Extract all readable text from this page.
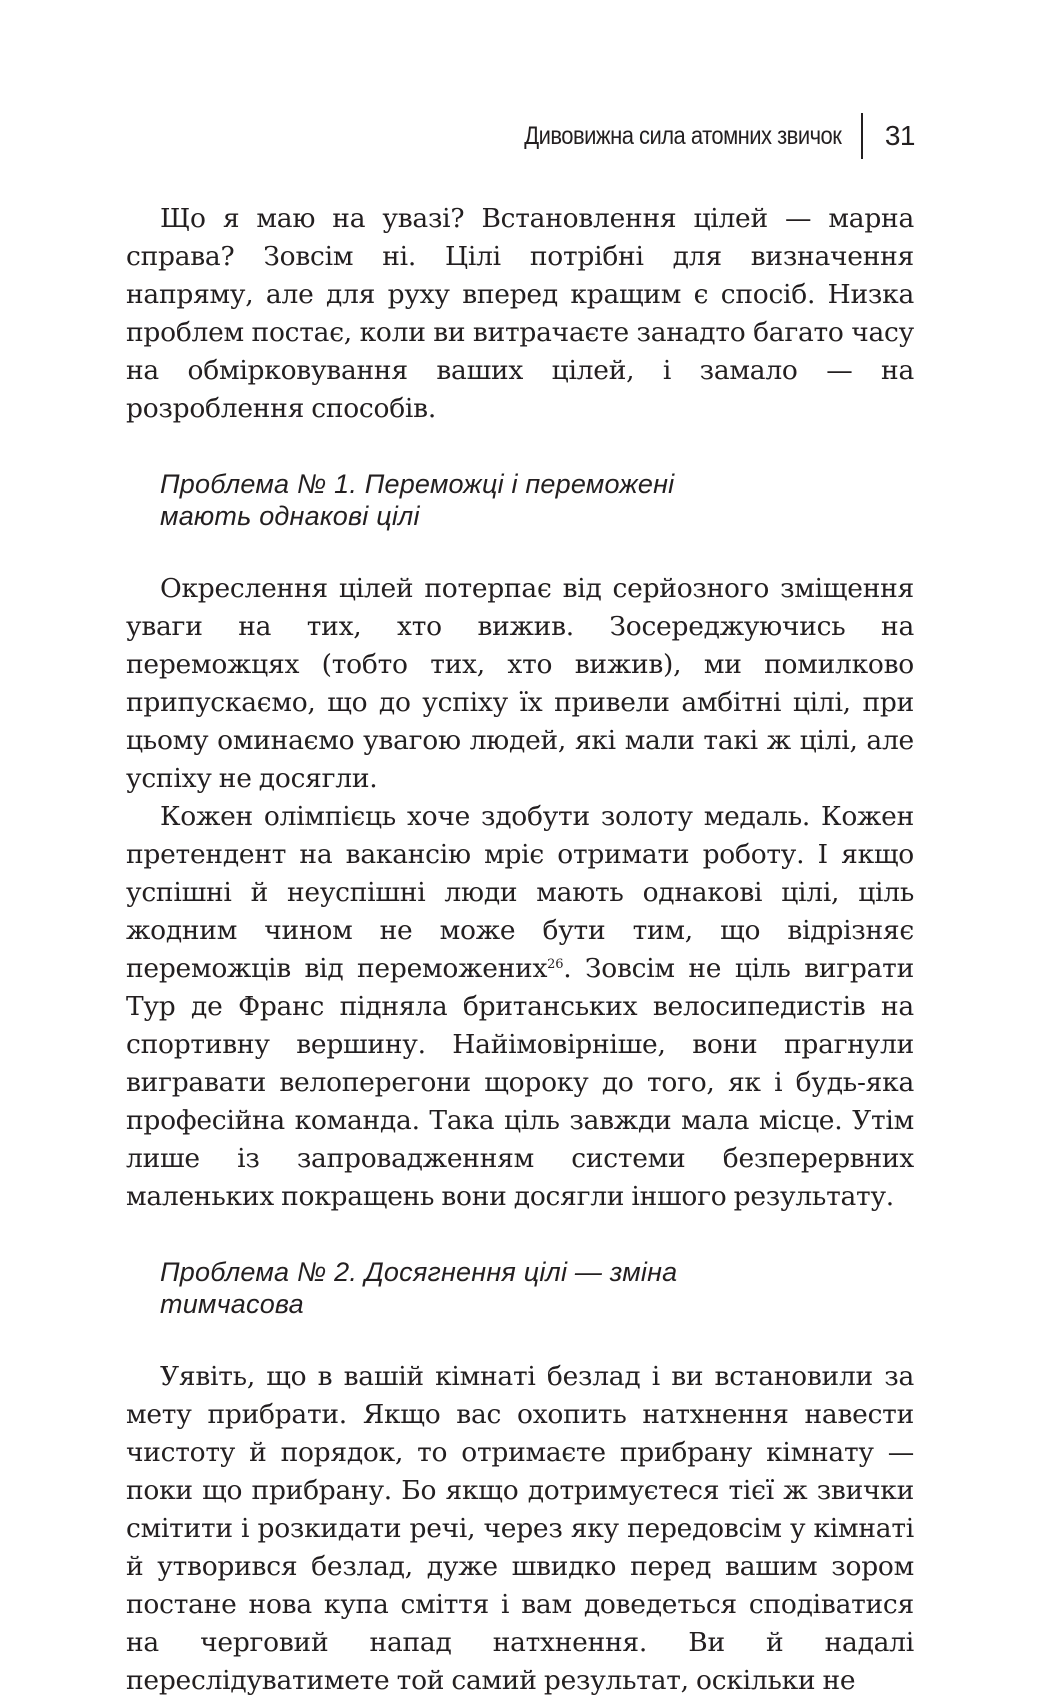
Дивовижна сила атомних звичок 31

Що я маю на увазі? Встановлення цілей — марна справа? Зовсім ні. Цілі потрібні для визначення напряму, але для руху вперед кращим є спосіб. Низка проблем постає, коли ви витрачаєте занадто багато часу на обмірковування ваших цілей, і замало — на розроблення способів.

Проблема № 1. Переможці і переможені
мають однакові цілі

Окреслення цілей потерпає від серйозного зміщення уваги на тих, хто вижив. Зосереджуючись на переможцях (тобто тих, хто вижив), ми помилково припускаємо, що до успіху їх привели амбітні цілі, при цьому оминаємо увагою людей, які мали такі ж цілі, але успіху не досягли.

Кожен олімпієць хоче здобути золоту медаль. Кожен претендент на вакансію мріє отримати роботу. І якщо успішні й неуспішні люди мають однакові цілі, ціль жодним чином не може бути тим, що відрізняє переможців від переможених$^{26}$. Зовсім не ціль виграти Тур де Франс підняла британських велосипедистів на спортивну вершину. Найімовірніше, вони прагнули вигравати велоперегони щороку до того, як і будь-яка професійна команда. Така ціль завжди мала місце. Утім лише із запровадженням системи безперервних маленьких покращень вони досягли іншого результату.

Проблема № 2. Досягнення цілі — зміна
тимчасова

Уявіть, що в вашій кімнаті безлад і ви встановили за мету прибрати. Якщо вас охопить натхнення навести чистоту й порядок, то отримаєте прибрану кімнату — поки що прибрану. Бо якщо дотримуєтеся тієї ж звички смітити і розкидати речі, через яку передовсім у кімнаті й утворився безлад, дуже швидко перед вашим зором постане нова купа сміття і вам доведеться сподіватися на черговий напад натхнення. Ви й надалі переслідуватимете той самий результат, оскільки не
